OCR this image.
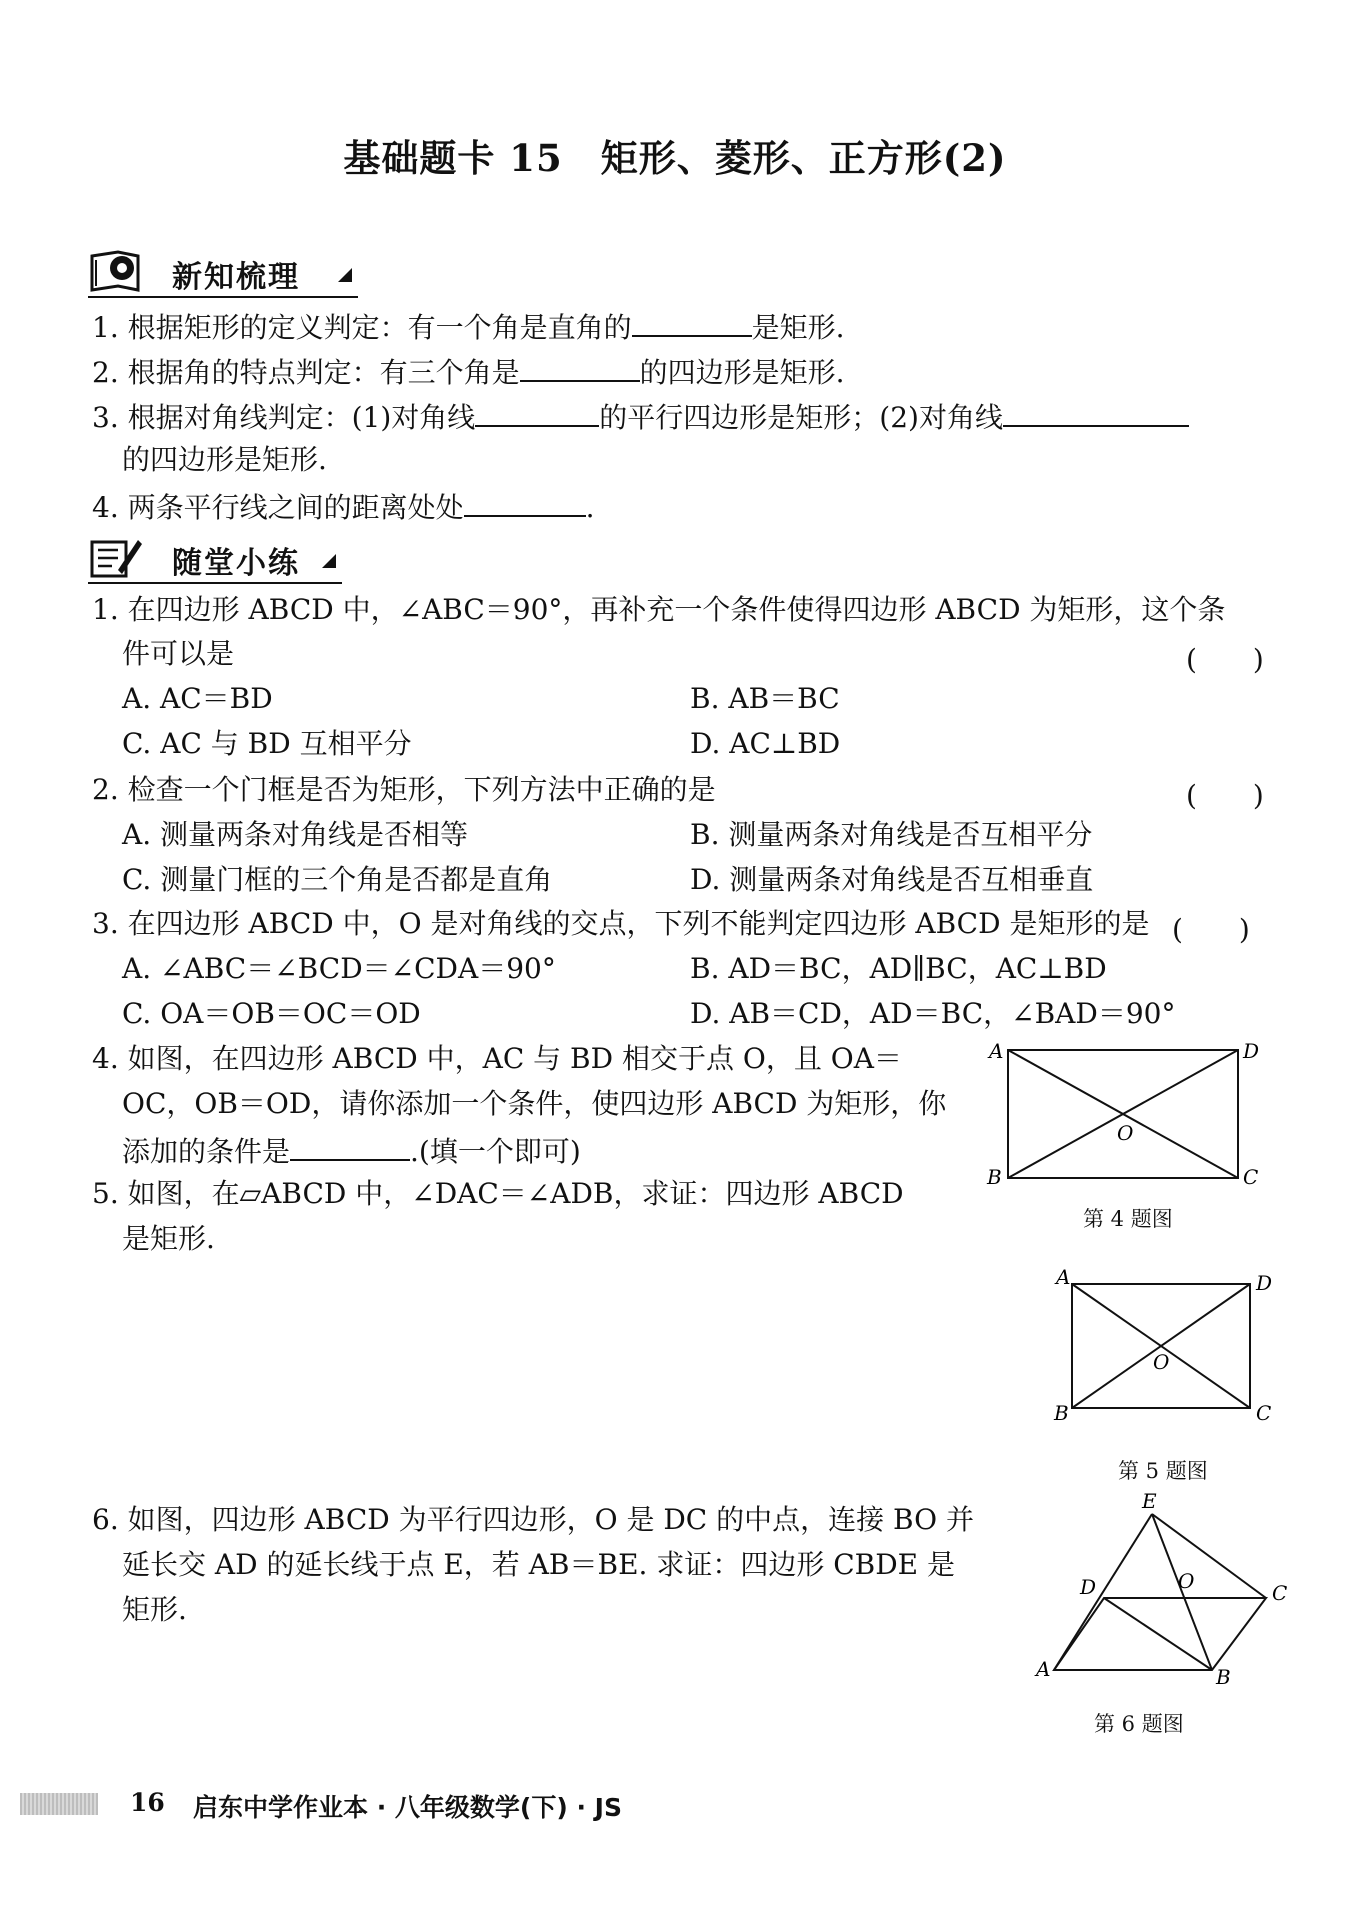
基础题卡 15　矩形、菱形、正方形(2)
新知梳理
1. 根据矩形的定义判定：有一个角是直角的	是矩形.
2. 根据角的特点判定：有三个角是	的四边形是矩形.
3. 根据对角线判定：(1)对角线	的平行四边形是矩形；(2)对角线
的四边形是矩形.
4. 两条平行线之间的距离处处	.
随堂小练
1. 在四边形 ABCD 中，∠ABC＝90°，再补充一个条件使得四边形 ABCD 为矩形，这个条
件可以是	(　　)
A. AC＝BD	B. AB＝BC
C. AC 与 BD 互相平分	D. AC⊥BD
2. 检查一个门框是否为矩形，下列方法中正确的是	(　　)
A. 测量两条对角线是否相等	B. 测量两条对角线是否互相平分
C. 测量门框的三个角是否都是直角	D. 测量两条对角线是否互相垂直
3. 在四边形 ABCD 中，O 是对角线的交点，下列不能判定四边形 ABCD 是矩形的是 (　　)
A. ∠ABC＝∠BCD＝∠CDA＝90°	B. AD＝BC，AD∥BC，AC⊥BD
C. OA＝OB＝OC＝OD	D. AB＝CD，AD＝BC，∠BAD＝90°
4. 如图，在四边形 ABCD 中，AC 与 BD 相交于点 O，且 OA＝
OC，OB＝OD，请你添加一个条件，使四边形 ABCD 为矩形，你
添加的条件是	.(填一个即可)
A	D
B	C
O
第 4 题图
5. 如图，在▱ABCD 中，∠DAC＝∠ADB，求证：四边形 ABCD
是矩形.
A	D
B	C
O
第 5 题图
6. 如图，四边形 ABCD 为平行四边形，O 是 DC 的中点，连接 BO 并
延长交 AD 的延长线于点 E，若 AB＝BE. 求证：四边形 CBDE 是
矩形.
E
D	C
A	B
O
第 6 题图
16 启东中学作业本 · 八年级数学(下) · JS
